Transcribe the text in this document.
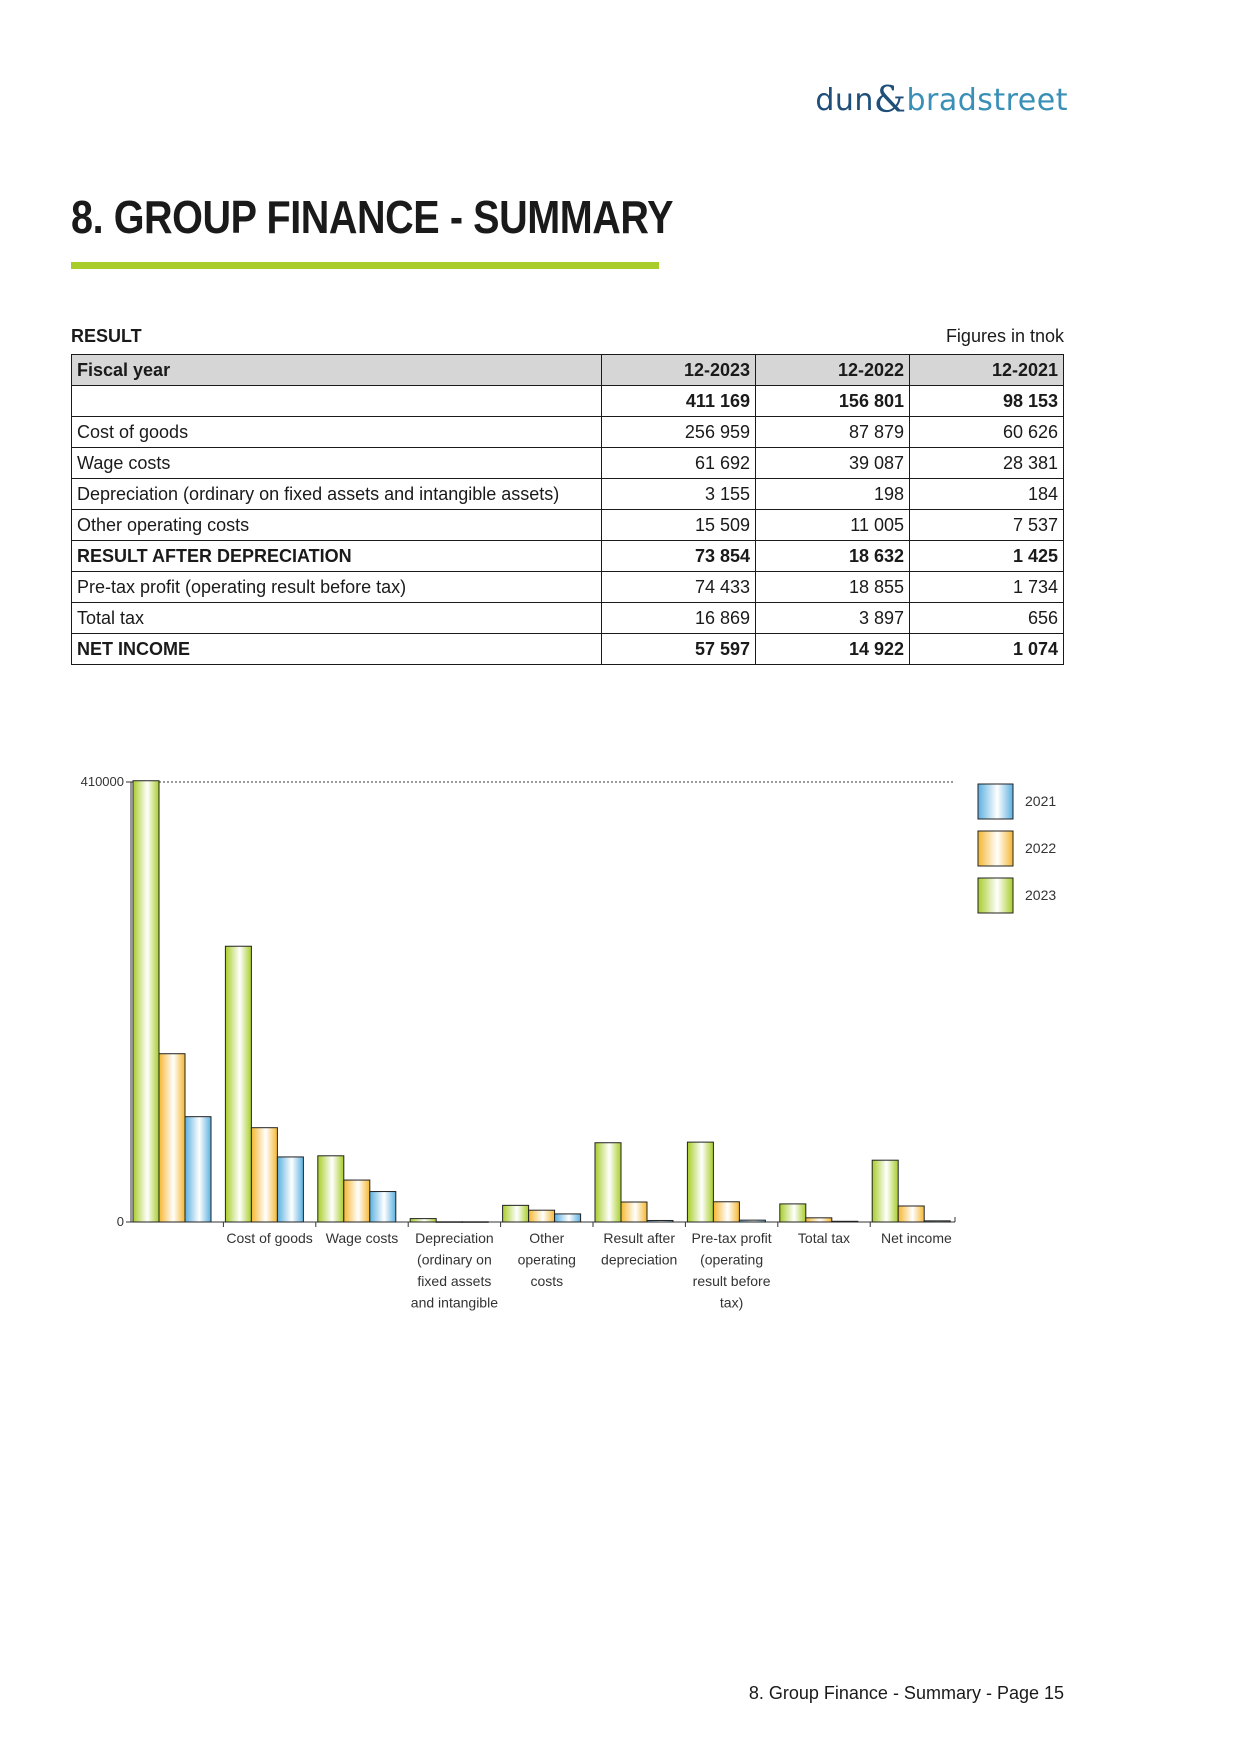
dun&bradstreet
8. GROUP FINANCE - SUMMARY
RESULT	Figures in tnok
Fiscal year	12-2023	12-2022	12-2021
	411 169	156 801	98 153
Cost of goods	256 959	87 879	60 626
Wage costs	61 692	39 087	28 381
Depreciation (ordinary on fixed assets and intangible assets)	3 155	198	184
Other operating costs	15 509	11 005	7 537
RESULT AFTER DEPRECIATION	73 854	18 632	1 425
Pre-tax profit (operating result before tax)	74 433	18 855	1 734
Total tax	16 869	3 897	656
NET INCOME	57 597	14 922	1 074
410000
0
Cost of goods Wage costs Depreciation
(ordinary on
fixed assets
and intangible
Other
operating
costs
Result after
depreciation
Pre-tax profit
(operating
result before
tax)
Total tax Net income
2021
2022
2023
8. Group Finance - Summary - Page 15
